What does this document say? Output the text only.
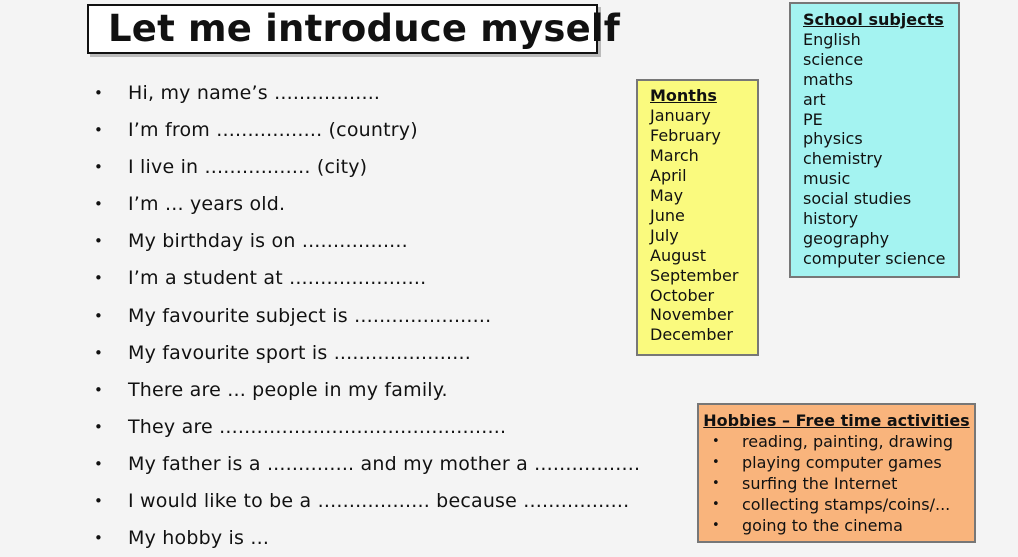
Let me introduce myself
• Hi, my name’s .................
• I’m from ................. (country)
• I live in ................. (city)
• I’m ... years old.
• My birthday is on .................
• I’m a student at ......................
• My favourite subject is ......................
• My favourite sport is ......................
• There are ... people in my family.
• They are ..............................................
• My father is a .............. and my mother a .................
• I would like to be a .................. because .................
• My hobby is ...
Months
January
February
March
April
May
June
July
August
September
October
November
December
School subjects
English
science
maths
art
PE
physics
chemistry
music
social studies
history
geography
computer science
Hobbies – Free time activities
• reading, painting, drawing
• playing computer games
• surfing the Internet
• collecting stamps/coins/...
• going to the cinema
